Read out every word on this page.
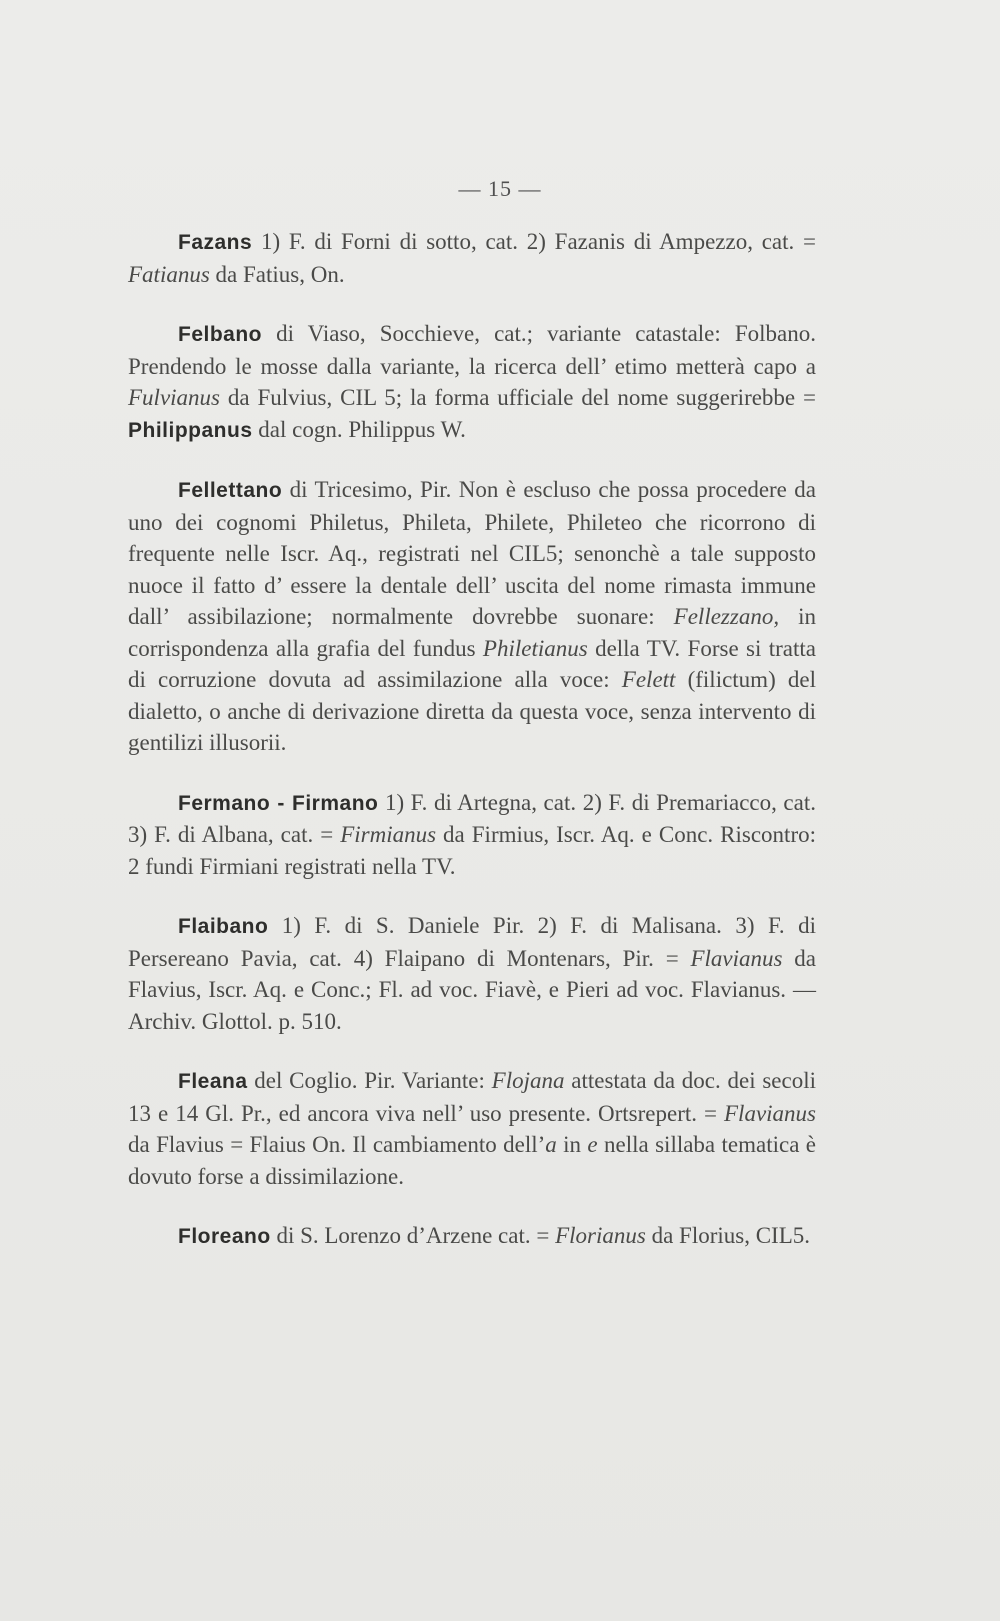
— 15 —

Fazans 1) F. di Forni di sotto, cat. 2) Fazanis di Ampezzo, cat. = Fatianus da Fatius, On.

Felbano di Viaso, Socchieve, cat.; variante catastale: Folbano. Prendendo le mosse dalla variante, la ricerca dell’ etimo metterà capo a Fulvianus da Fulvius, CIL 5; la forma ufficiale del nome suggerirebbe = Philippanus dal cogn. Philippus W.

Fellettano di Tricesimo, Pir. Non è escluso che possa procedere da uno dei cognomi Philetus, Phileta, Philete, Phileteo che ricorrono di frequente nelle Iscr. Aq., registrati nel CIL5; senonchè a tale supposto nuoce il fatto d’ essere la dentale dell’ uscita del nome rimasta immune dall’ assibilazione; normalmente dovrebbe suonare: Fellezzano, in corrispondenza alla grafia del fundus Philetianus della TV. Forse si tratta di corruzione dovuta ad assimilazione alla voce: Felett (filictum) del dialetto, o anche di derivazione diretta da questa voce, senza intervento di gentilizi illusorii.

Fermano - Firmano 1) F. di Artegna, cat. 2) F. di Premariacco, cat. 3) F. di Albana, cat. = Firmianus da Firmius, Iscr. Aq. e Conc. Riscontro: 2 fundi Firmiani registrati nella TV.

Flaibano 1) F. di S. Daniele Pir. 2) F. di Malisana. 3) F. di Persereano Pavia, cat. 4) Flaipano di Montenars, Pir. = Flavianus da Flavius, Iscr. Aq. e Conc.; Fl. ad voc. Fiavè, e Pieri ad voc. Flavianus. — Archiv. Glottol. p. 510.

Fleana del Coglio. Pir. Variante: Flojana attestata da doc. dei secoli 13 e 14 Gl. Pr., ed ancora viva nell’ uso presente. Ortsrepert. = Flavianus da Flavius = Flaius On. Il cambiamento dell’a in e nella sillaba tematica è dovuto forse a dissimilazione.

Floreano di S. Lorenzo d’Arzene cat. = Florianus da Florius, CIL5.
